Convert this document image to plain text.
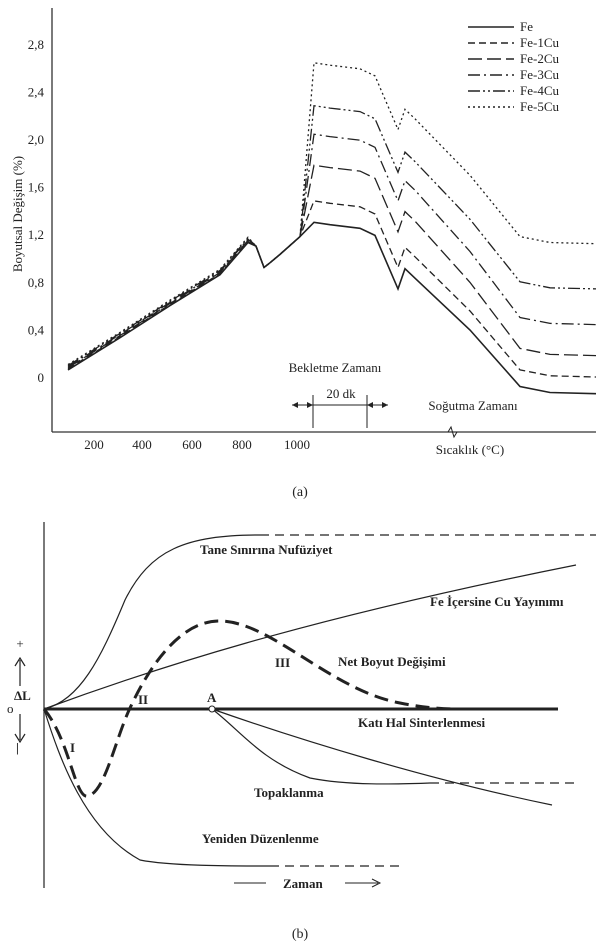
2,8
2,4
2,0
1,6
1,2
0,8
0,4
0
200 400 600 800 1000
Boyutsal Değişim (%)
Sıcaklık (°C)
Fe
Fe-1Cu
Fe-2Cu
Fe-3Cu
Fe-4Cu
Fe-5Cu
Bekletme Zamanı
20 dk
Soğutma Zamanı
(a)
+
ΔL
o
|
Tane Sınırına Nufüziyet
Fe İçersine Cu Yayınımı
Net Boyut Değişimi
Katı Hal Sinterlenmesi
Topaklanma
Yeniden Düzenlenme
I
II
III
A
Zaman
(b)
